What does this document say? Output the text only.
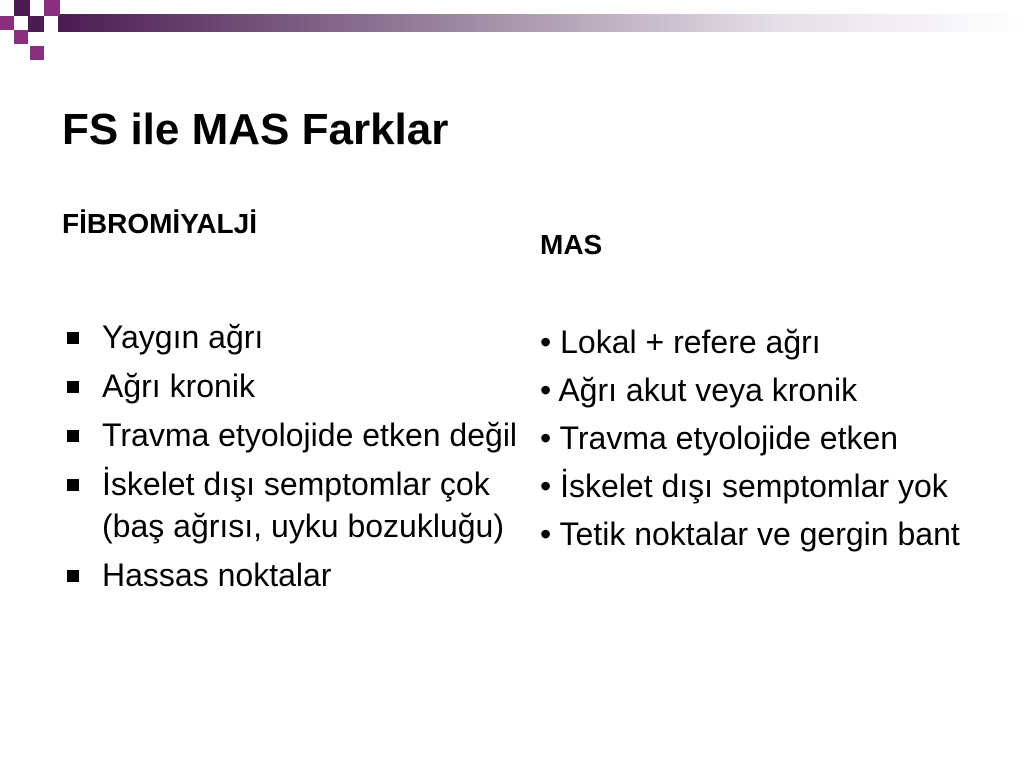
FS ile MAS Farklar
FİBROMİYALJİ
MAS
Yaygın ağrı
Ağrı kronik
Travma etyolojide etken değil
İskelet dışı semptomlar çok (baş ağrısı, uyku bozukluğu)
Hassas noktalar
• Lokal + refere ağrı
• Ağrı akut veya kronik
• Travma etyolojide etken
• İskelet dışı semptomlar yok
• Tetik noktalar ve gergin bant
